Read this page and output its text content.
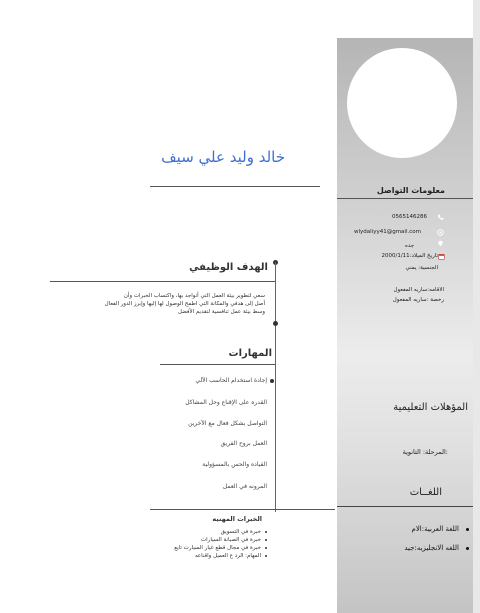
خالد وليد علي سيف
معلومات التواصل
0565146286
wlydaliyy41@gmail.com
جده
تاريخ الميلاد:2000/1/11
الجنسية: يمني
الاقامه:ساريه المفعول
رخصة :ساريه المفعول
الهدف الوظيفي
سعي لتطوير بيئة العمل التي أتواجد بها، واكتساب الخبرات وأن
أصل إلى هدفي والمكانة التي اطمح الوصول لها إليها وإبرز الدور الفعال
وسط بيئة عمل تنافسية لتقديم الأفضل
المهارات
إجادة استخدام الحاسب الآلي
القدره على الإقناع وحل المشاكل
التواصل بشكل فعال مع الآخرين
العمل بروح الفريق
القياده والحس بالمسؤولية
المرونه في العمل
الخبرات المهنيه
خبرة في التسويق
خبرة في الصيانة السيارات
خبرة في مجال قطع غيار السيارت تايع
المهام: الرد ع العميل واقناعه
المؤهلات التعليمية
:المرحلة: الثانوية
اللغــات
اللغة العربية:الام
اللغه الانجليزيه:جيد
